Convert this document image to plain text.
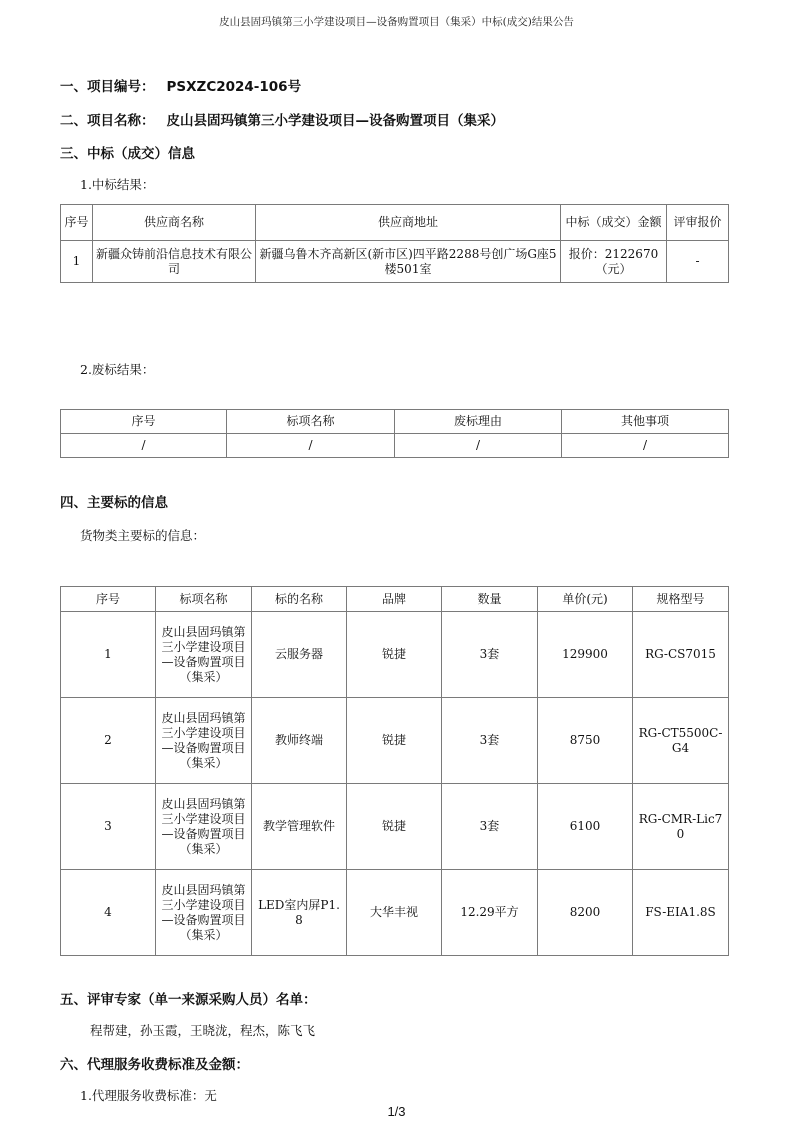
皮山县固玛镇第三小学建设项目—设备购置项目（集采）中标(成交)结果公告
一、项目编号： PSXZC2024-106号
二、项目名称： 皮山县固玛镇第三小学建设项目—设备购置项目（集采）
三、中标（成交）信息
1.中标结果：
序号	供应商名称	供应商地址	中标（成交）金额	评审报价
1	新疆众铸前沿信息技术有限公司	新疆乌鲁木齐高新区(新市区)四平路2288号创广场G座5楼501室	报价：2122670（元）	-
2.废标结果：
序号	标项名称	废标理由	其他事项
/	/	/	/
四、主要标的信息
货物类主要标的信息：
序号	标项名称	标的名称	品牌	数量	单价(元)	规格型号
1	皮山县固玛镇第三小学建设项目—设备购置项目（集采）	云服务器	锐捷	3套	129900	RG-CS7015
2	皮山县固玛镇第三小学建设项目—设备购置项目（集采）	教师终端	锐捷	3套	8750	RG-CT5500C-G4
3	皮山县固玛镇第三小学建设项目—设备购置项目（集采）	教学管理软件	锐捷	3套	6100	RG-CMR-Lic70
4	皮山县固玛镇第三小学建设项目—设备购置项目（集采）	LED室内屏P1.8	大华丰视	12.29平方	8200	FS-EIA1.8S
五、评审专家（单一来源采购人员）名单：
程帮建，孙玉霞，王晓泷，程杰，陈飞飞
六、代理服务收费标准及金额：
1.代理服务收费标准：无
1/3
